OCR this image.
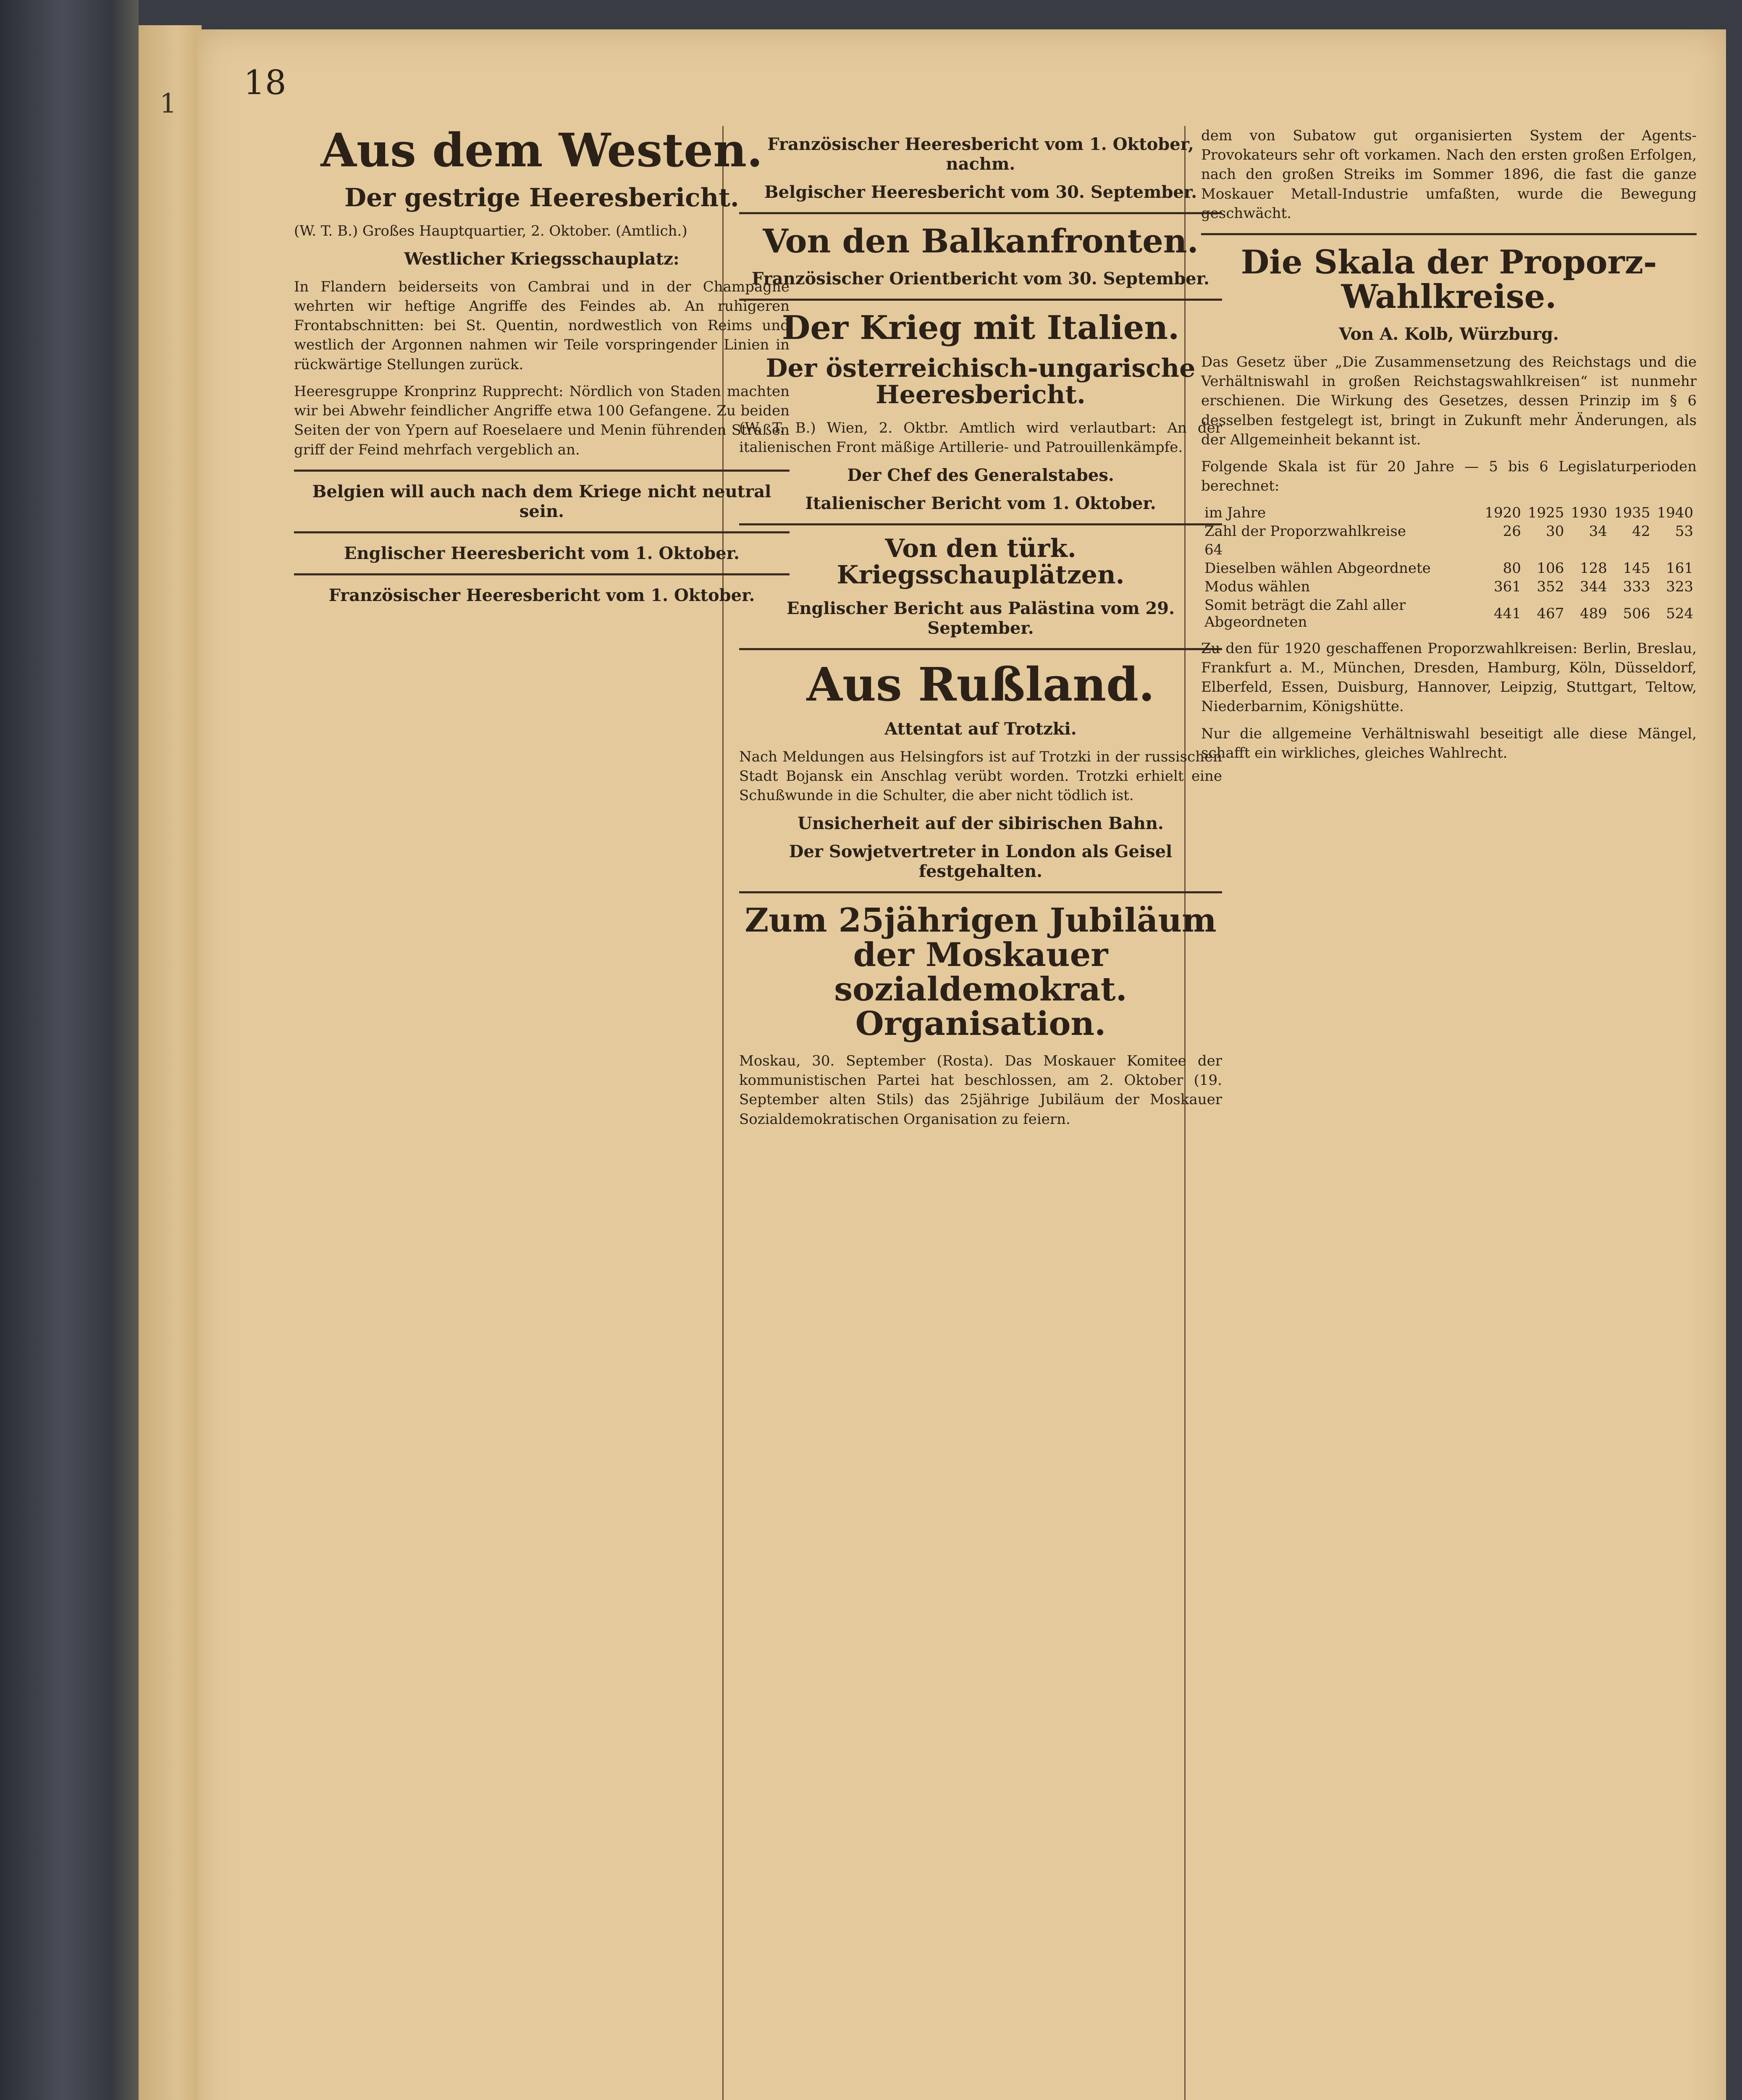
1
18
Aus dem Westen.
Der gestrige Heeresbericht.

(W. T. B.) Großes Hauptquartier, 2. Oktober. (Amtlich.)

Westlicher Kriegsschauplatz:

In Flandern beiderseits von Cambrai und in der Champagne wehrten wir heftige Angriffe des Feindes ab. An ruhigeren Frontabschnitten: bei St. Quentin, nordwestlich von Reims und westlich der Argonnen nahmen wir Teile vorspringender Linien in rückwärtige Stellungen zurück.

Heeresgruppe Kronprinz Rupprecht: Nördlich von Staden machten wir bei Abwehr feindlicher Angriffe etwa 100 Gefangene. Zu beiden Seiten der von Ypern auf Roeselaere und Menin führenden Straßen griff der Feind mehrfach vergeblich an.

Belgien will auch nach dem Kriege nicht neutral sein.
Englischer Heeresbericht vom 1. Oktober.
Französischer Heeresbericht vom 1. Oktober.
Französischer Heeresbericht vom 1. Oktober, nachm.
Belgischer Heeresbericht vom 30. September.
Von den Balkanfronten.
Französischer Orientbericht vom 30. September.
Der Krieg mit Italien.
Der österreichisch-ungarische Heeresbericht.

(W. T. B.) Wien, 2. Oktbr. Amtlich wird verlautbart: An der italienischen Front mäßige Artillerie- und Patrouillenkämpfe.

Der Chef des Generalstabes.
Italienischer Bericht vom 1. Oktober.
Von den türk. Kriegsschauplätzen.
Englischer Bericht aus Palästina vom 29. September.
Aus Rußland.
Attentat auf Trotzki.

Nach Meldungen aus Helsingfors ist auf Trotzki in der russischen Stadt Bojansk ein Anschlag verübt worden. Trotzki erhielt eine Schußwunde in die Schulter, die aber nicht tödlich ist.

Unsicherheit auf der sibirischen Bahn.
Der Sowjetvertreter in London als Geisel festgehalten.
Zum 25jährigen Jubiläum der Moskauer sozialdemokrat. Organisation.

Moskau, 30. September (Rosta). Das Moskauer Komitee der kommunistischen Partei hat beschlossen, am 2. Oktober (19. September alten Stils) das 25jährige Jubiläum der Moskauer Sozialdemokratischen Organisation zu feiern.

dem von Subatow gut organisierten System der Agents-Provokateurs sehr oft vorkamen. Nach den ersten großen Erfolgen, nach den großen Streiks im Sommer 1896, die fast die ganze Moskauer Metall-Industrie umfaßten, wurde die Bewegung geschwächt.

Die Skala der Proporz-Wahlkreise.
Von A. Kolb, Würzburg.

Das Gesetz über „Die Zusammensetzung des Reichstags und die Verhältniswahl in großen Reichstagswahlkreisen“ ist nunmehr erschienen. Die Wirkung des Gesetzes, dessen Prinzip im § 6 desselben festgelegt ist, bringt in Zukunft mehr Änderungen, als der Allgemeinheit bekannt ist.

Folgende Skala ist für 20 Jahre — 5 bis 6 Legislaturperioden berechnet:

im Jahre	1920	1925	1930	1935	1940
Zahl der Proporzwahlkreise	26	30	34	42	53
64					
Dieselben wählen Abgeordnete	80	106	128	145	161
Modus wählen	361	352	344	333	323
Somit beträgt die Zahl aller Abgeordneten	441	467	489	506	524

Zu den für 1920 geschaffenen Proporzwahlkreisen: Berlin, Breslau, Frankfurt a. M., München, Dresden, Hamburg, Köln, Düsseldorf, Elberfeld, Essen, Duisburg, Hannover, Leipzig, Stuttgart, Teltow, Niederbarnim, Königshütte.

Nur die allgemeine Verhältniswahl beseitigt alle diese Mängel, schafft ein wirkliches, gleiches Wahlrecht.
